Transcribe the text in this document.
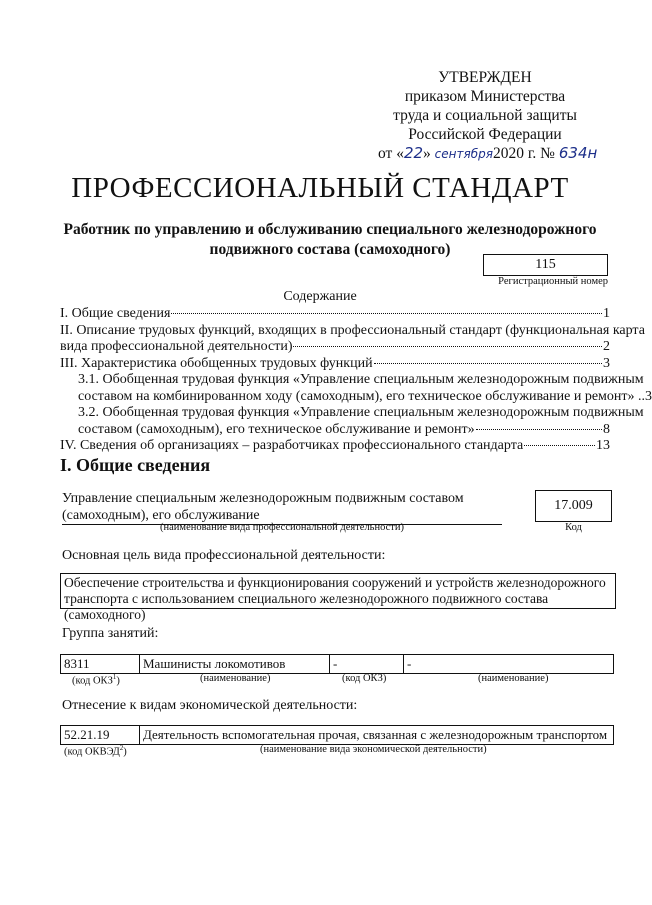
УТВЕРЖДЕН
приказом Министерства
труда и социальной защиты
Российской Федерации
от «22» сентября2020 г. № 634н
ПРОФЕССИОНАЛЬНЫЙ СТАНДАРТ
Работник по управлению и обслуживанию специального железнодорожного подвижного состава (самоходного)
115
Регистрационный номер
Содержание
I. Общие сведения	1
II. Описание трудовых функций, входящих в профессиональный стандарт (функциональная карта
вида профессиональной деятельности)	2
III. Характеристика обобщенных трудовых функций	3
3.1. Обобщенная трудовая функция «Управление специальным железнодорожным подвижным
составом на комбинированном ходу (самоходным), его техническое обслуживание и ремонт» .. 3
3.2. Обобщенная трудовая функция «Управление специальным железнодорожным подвижным
составом (самоходным), его техническое обслуживание и ремонт»	8
IV. Сведения об организациях – разработчиках профессионального стандарта	13
I. Общие сведения
Управление специальным железнодорожным подвижным составом
(самоходным), его обслуживание
(наименование вида профессиональной деятельности)
17.009
Код
Основная цель вида профессиональной деятельности:
Обеспечение строительства и функционирования сооружений и устройств железнодорожного транспорта с использованием специального железнодорожного подвижного состава (самоходного)
Группа занятий:
8311	Машинисты локомотивов	-	-
(код ОКЗ$^1$)	(наименование)	(код ОКЗ)	(наименование)
Отнесение к видам экономической деятельности:
52.21.19	Деятельность вспомогательная прочая, связанная с железнодорожным транспортом
(код ОКВЭД$^2$)	(наименование вида экономической деятельности)
